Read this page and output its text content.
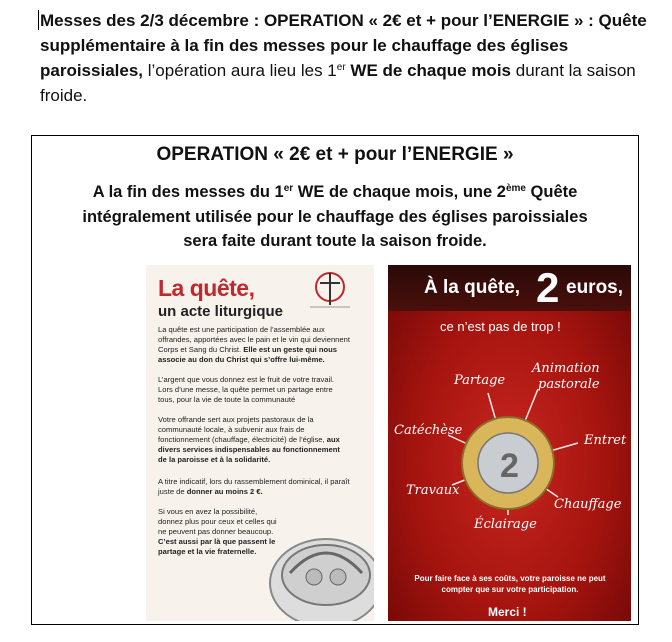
Messes des 2/3 décembre : OPERATION « 2€ et + pour l’ENERGIE » : Quête supplémentaire à la fin des messes pour le chauffage des églises paroissiales, l’opération aura lieu les 1er WE de chaque mois durant la saison froide.
OPERATION « 2€ et + pour l’ENERGIE »
A la fin des messes du 1er WE de chaque mois, une 2ème Quête
intégralement utilisée pour le chauffage des églises paroissiales
sera faite durant toute la saison froide.
La quête,
un acte liturgique
La quête est une participation de l’assemblée aux offrandes, apportées avec le pain et le vin qui deviennent Corps et Sang du Christ. Elle est un geste qui nous associe au don du Christ qui s’offre lui-même.
L’argent que vous donnez est le fruit de votre travail. Lors d’une messe, la quête permet un partage entre tous, pour la vie de toute la communauté
Votre offrande sert aux projets pastoraux de la communauté locale, à subvenir aux frais de fonctionnement (chauffage, électricité) de l’église, aux divers services indispensables au fonctionnement de la paroisse et à la solidarité.
A titre indicatif, lors du rassemblement dominical, il paraît juste de donner au moins 2 €.
Si vous en avez la possibilité, donnez plus pour ceux et celles qui ne peuvent pas donner beaucoup. C’est aussi par là que passent le partage et la vie fraternelle.
À la quête, 2 euros,
ce n’est pas de trop !
2
Partage
Animation
pastorale
Catéchèse
Entret
Travaux
Chauffage
Éclairage
Pour faire face à ses coûts, votre paroisse ne peut compter que sur votre participation.
Merci !
